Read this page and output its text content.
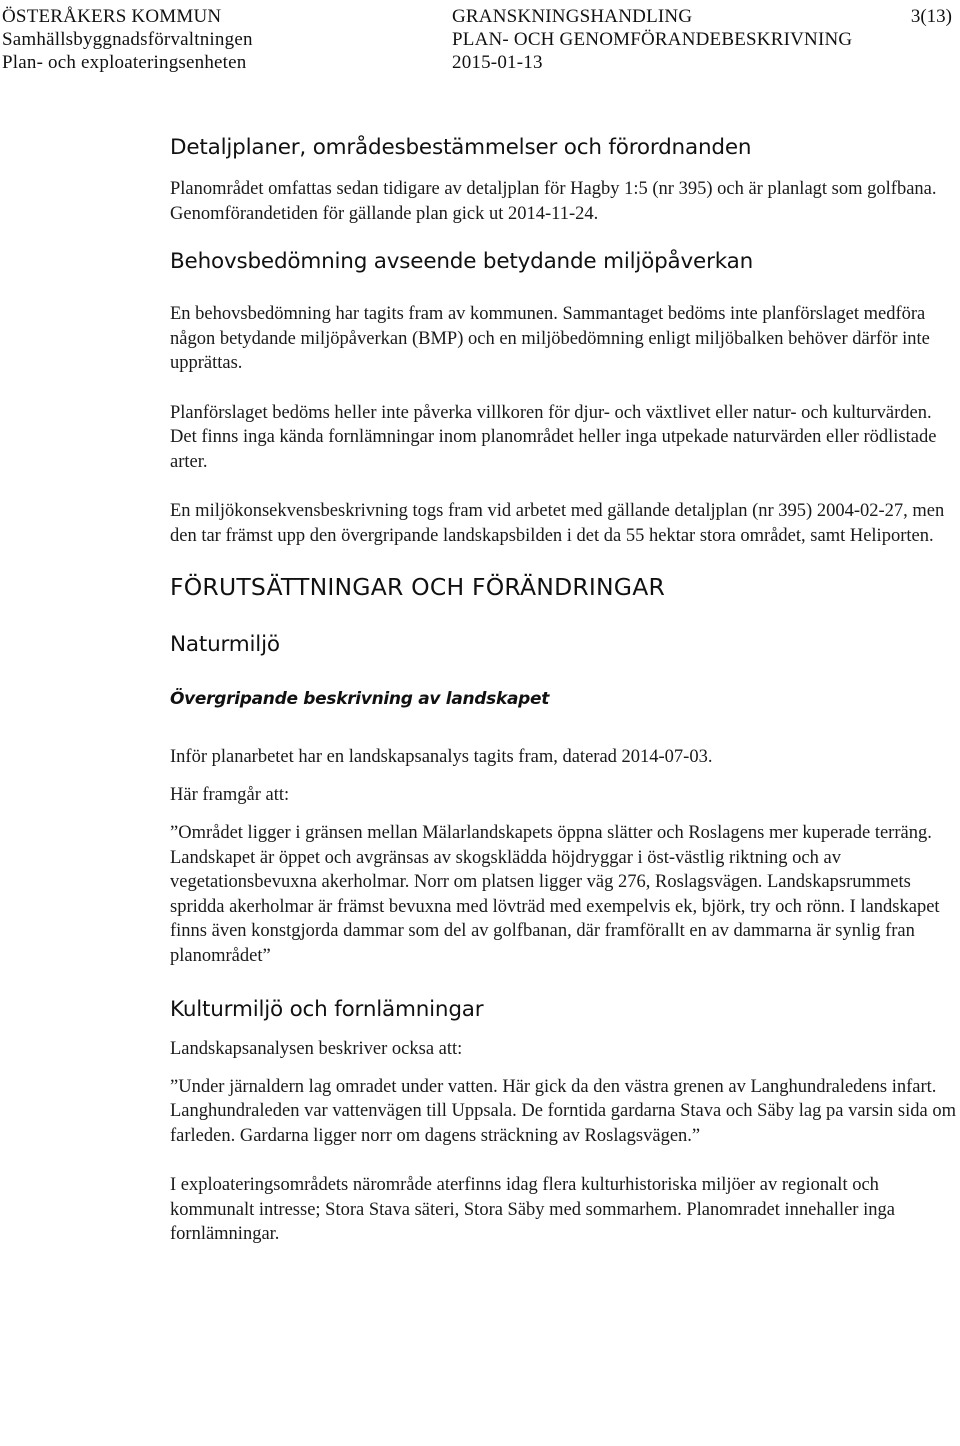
ÖSTERÅKERS KOMMUN
Samhällsbyggnadsförvaltningen
Plan- och exploateringsenheten
GRANSKNINGSHANDLING
PLAN- OCH GENOMFÖRANDEBESKRIVNING
2015-01-13
3(13)
Detaljplaner, områdesbestämmelser och förordnanden

Planområdet omfattas sedan tidigare av detaljplan för Hagby 1:5 (nr 395) och är planlagt som golfbana. Genomförandetiden för gällande plan gick ut 2014-11-24.

Behovsbedömning avseende betydande miljöpåverkan

En behovsbedömning har tagits fram av kommunen. Sammantaget bedöms inte planförslaget medföra någon betydande miljöpåverkan (BMP) och en miljöbedömning enligt miljöbalken behöver därför inte upprättas.

Planförslaget bedöms heller inte påverka villkoren för djur- och växtlivet eller natur- och kulturvärden. Det finns inga kända fornlämningar inom planområdet heller inga utpekade naturvärden eller rödlistade arter.

En miljökonsekvensbeskrivning togs fram vid arbetet med gällande detaljplan (nr 395) 2004-02-27, men den tar främst upp den övergripande landskapsbilden i det da 55 hektar stora området, samt Heliporten.

FÖRUTSÄTTNINGAR OCH FÖRÄNDRINGAR
Naturmiljö
Övergripande beskrivning av landskapet

Inför planarbetet har en landskapsanalys tagits fram, daterad 2014-07-03.

Här framgår att:

”Området ligger i gränsen mellan Mälarlandskapets öppna slätter och Roslagens mer kuperade terräng. Landskapet är öppet och avgränsas av skogsklädda höjdryggar i öst-västlig riktning och av vegetationsbevuxna akerholmar. Norr om platsen ligger väg 276, Roslagsvägen. Landskapsrummets spridda akerholmar är främst bevuxna med lövträd med exempelvis ek, björk, try och rönn. I landskapet finns även konstgjorda dammar som del av golfbanan, där framförallt en av dammarna är synlig fran planområdet”

Kulturmiljö och fornlämningar

Landskapsanalysen beskriver ocksa att:

”Under järnaldern lag omradet under vatten. Här gick da den västra grenen av Langhundraledens infart. Langhundraleden var vattenvägen till Uppsala. De forntida gardarna Stava och Säby lag pa varsin sida om farleden. Gardarna ligger norr om dagens sträckning av Roslagsvägen.”

I exploateringsområdets närområde aterfinns idag flera kulturhistoriska miljöer av regionalt och kommunalt intresse; Stora Stava säteri, Stora Säby med sommarhem. Planomradet innehaller inga fornlämningar.
